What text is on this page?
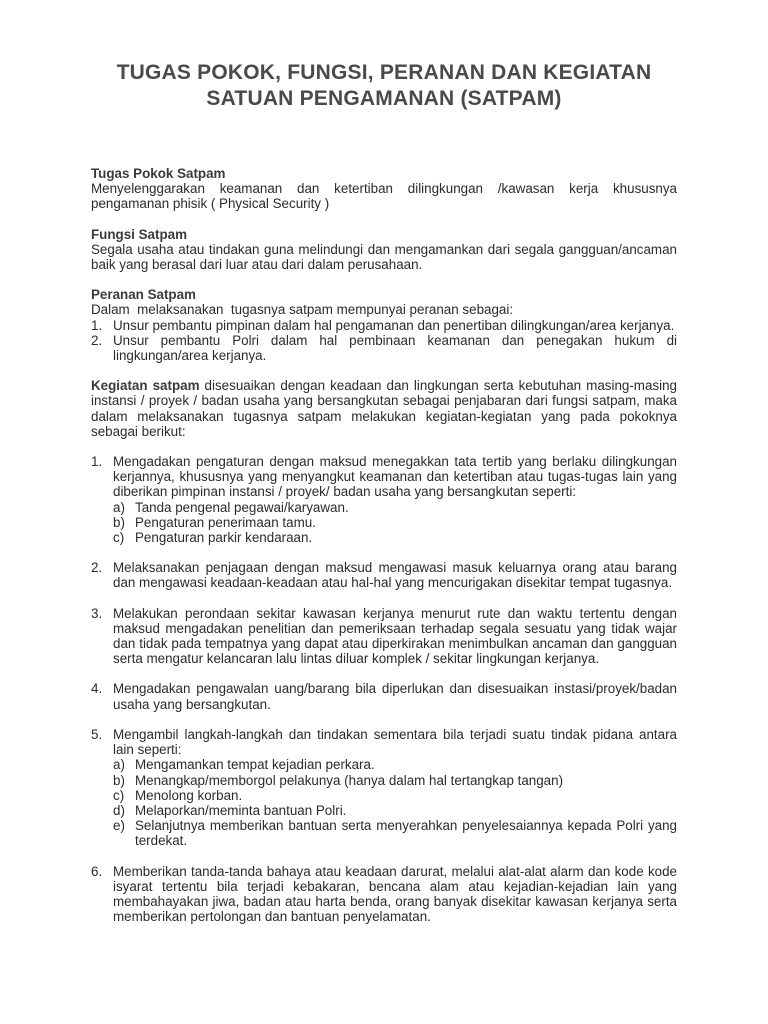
TUGAS POKOK, FUNGSI, PERANAN DAN KEGIATAN
SATUAN PENGAMANAN (SATPAM)
Tugas Pokok Satpam
Menyelenggarakan keamanan dan ketertiban dilingkungan /kawasan kerja khususnya pengamanan phisik ( Physical Security )
Fungsi Satpam
Segala usaha atau tindakan guna melindungi dan mengamankan dari segala gangguan/ancaman baik yang berasal dari luar atau dari dalam perusahaan.
Peranan Satpam
Dalam  melaksanakan  tugasnya satpam mempunyai peranan sebagai:
1. Unsur pembantu pimpinan dalam hal pengamanan dan penertiban dilingkungan/area kerjanya.
2. Unsur pembantu Polri dalam hal pembinaan keamanan dan penegakan hukum di lingkungan/area kerjanya.
Kegiatan satpam disesuaikan dengan keadaan dan lingkungan serta kebutuhan masing-masing instansi / proyek / badan usaha yang bersangkutan sebagai penjabaran dari fungsi satpam, maka dalam melaksanakan tugasnya satpam melakukan kegiatan-kegiatan yang pada pokoknya sebagai berikut:
1. Mengadakan pengaturan dengan maksud menegakkan tata tertib yang berlaku dilingkungan kerjannya, khususnya yang menyangkut keamanan dan ketertiban atau tugas-tugas lain yang diberikan pimpinan instansi / proyek/ badan usaha yang bersangkutan seperti:
a) Tanda pengenal pegawai/karyawan.
b) Pengaturan penerimaan tamu.
c) Pengaturan parkir kendaraan.
2. Melaksanakan penjagaan dengan maksud mengawasi masuk keluarnya orang atau barang dan mengawasi keadaan-keadaan atau hal-hal yang mencurigakan disekitar tempat tugasnya.
3. Melakukan perondaan sekitar kawasan kerjanya menurut rute dan waktu tertentu dengan maksud mengadakan penelitian dan pemeriksaan terhadap segala sesuatu yang tidak wajar dan tidak pada tempatnya yang dapat atau diperkirakan menimbulkan ancaman dan gangguan serta mengatur kelancaran lalu lintas diluar komplek / sekitar lingkungan kerjanya.
4. Mengadakan pengawalan uang/barang bila diperlukan dan disesuaikan instasi/proyek/badan usaha yang bersangkutan.
5. Mengambil langkah-langkah dan tindakan sementara bila terjadi suatu tindak pidana antara lain seperti:
a) Mengamankan tempat kejadian perkara.
b) Menangkap/memborgol pelakunya (hanya dalam hal tertangkap tangan)
c) Menolong korban.
d) Melaporkan/meminta bantuan Polri.
e) Selanjutnya memberikan bantuan serta menyerahkan penyelesaiannya kepada Polri yang terdekat.
6. Memberikan tanda-tanda bahaya atau keadaan darurat, melalui alat-alat alarm dan kode kode isyarat tertentu bila terjadi kebakaran, bencana alam atau kejadian-kejadian lain yang membahayakan jiwa, badan atau harta benda, orang banyak disekitar kawasan kerjanya serta memberikan pertolongan dan bantuan penyelamatan.
